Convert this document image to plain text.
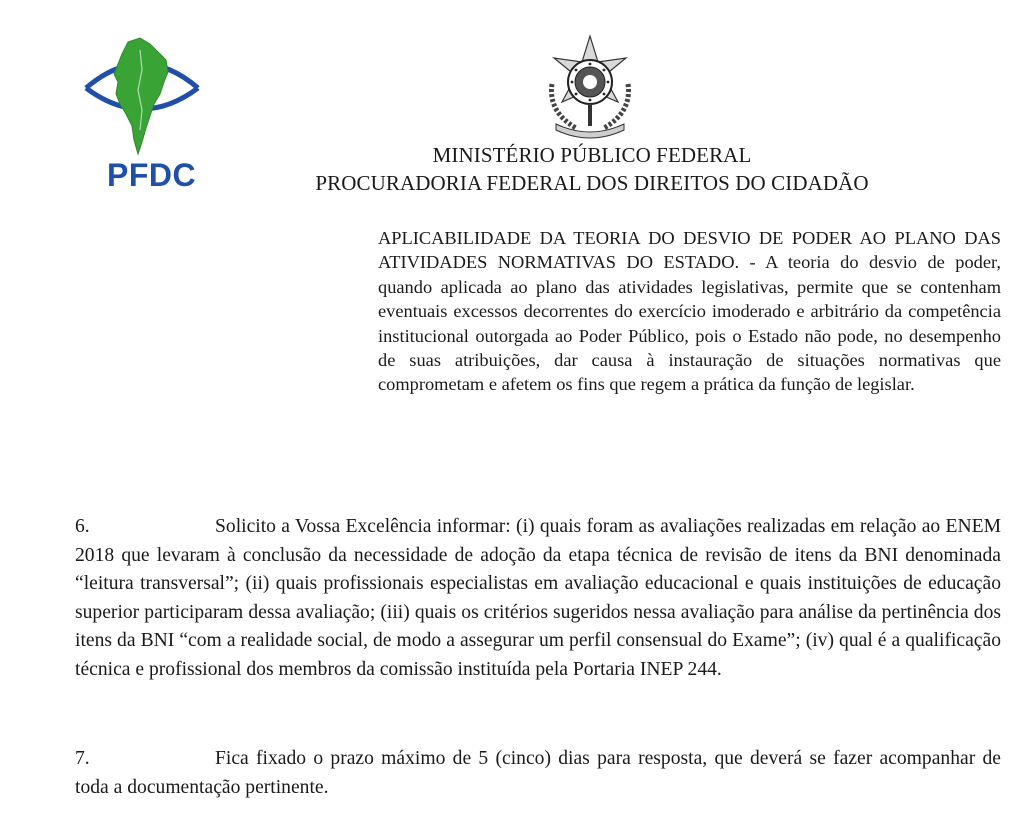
PFDC
MINISTÉRIO PÚBLICO FEDERAL
PROCURADORIA FEDERAL DOS DIREITOS DO CIDADÃO
APLICABILIDADE DA TEORIA DO DESVIO DE PODER AO PLANO DAS ATIVIDADES NORMATIVAS DO ESTADO. - A teoria do desvio de poder, quando aplicada ao plano das atividades legislativas, permite que se contenham eventuais excessos decorrentes do exercício imoderado e arbitrário da competência institucional outorgada ao Poder Público, pois o Estado não pode, no desempenho de suas atribuições, dar causa à instauração de situações normativas que comprometam e afetem os fins que regem a prática da função de legislar.
6.	Solicito a Vossa Excelência informar: (i) quais foram as avaliações realizadas em relação ao ENEM 2018 que levaram à conclusão da necessidade de adoção da etapa técnica de revisão de itens da BNI denominada “leitura transversal”; (ii) quais profissionais especialistas em avaliação educacional e quais instituições de educação superior participaram dessa avaliação; (iii) quais os critérios sugeridos nessa avaliação para análise da pertinência dos itens da BNI “com a realidade social, de modo a assegurar um perfil consensual do Exame”; (iv) qual é a qualificação técnica e profissional dos membros da comissão instituída pela Portaria INEP 244.
7.	Fica fixado o prazo máximo de 5 (cinco) dias para resposta, que deverá se fazer acompanhar de toda a documentação pertinente.
